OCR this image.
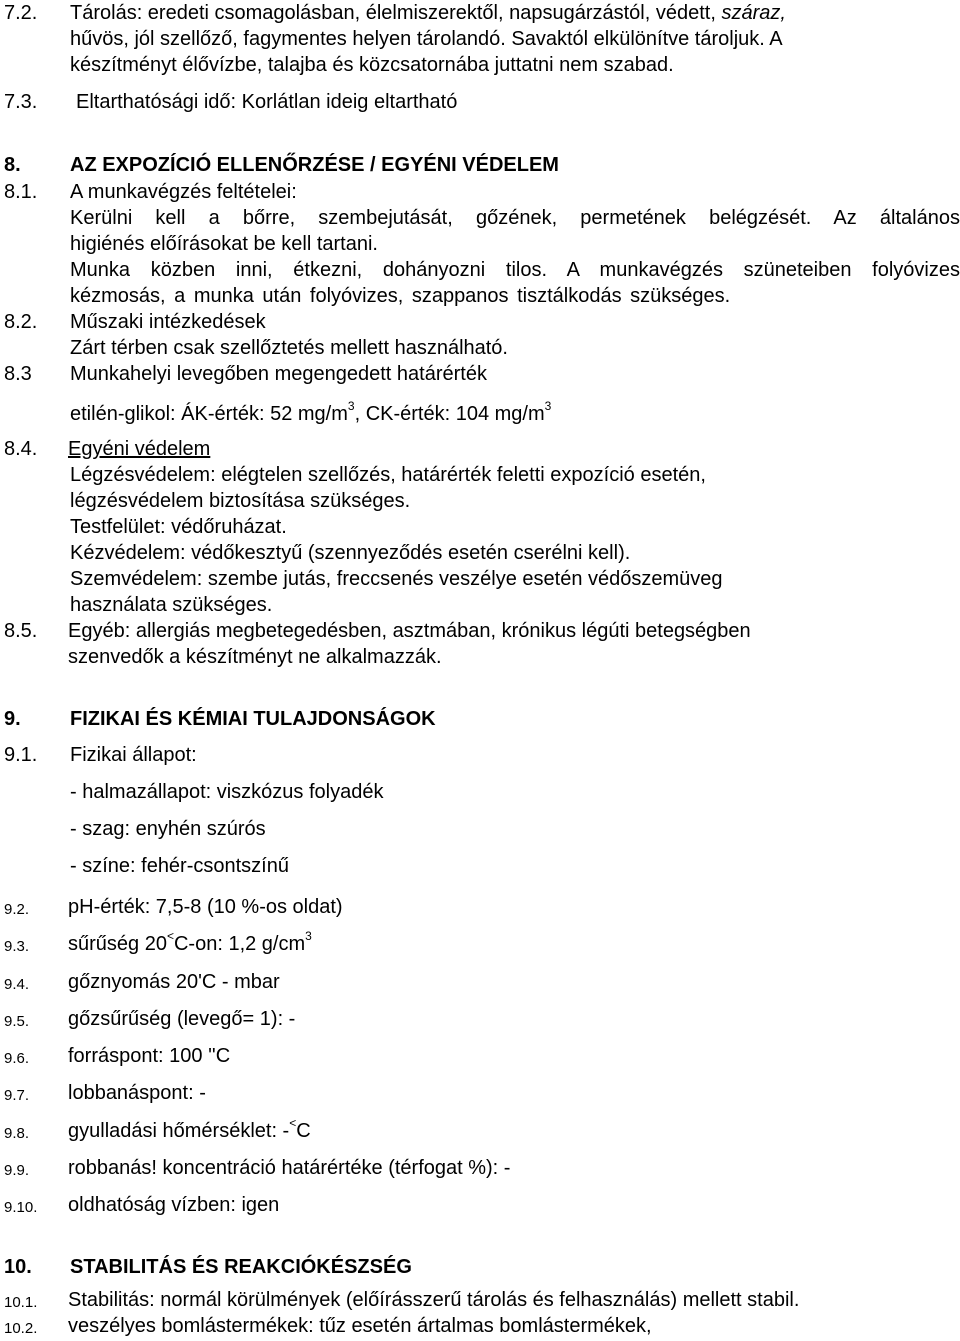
7.2. Tárolás: eredeti csomagolásban, élelmiszerektől, napsugárzástól, védett, száraz,
hűvös, jól szellőző, fagymentes helyen tárolandó. Savaktól elkülönítve tároljuk. A
készítményt élővízbe, talajba és közcsatornába juttatni nem szabad.
7.3. Eltarthatósági idő: Korlátlan ideig eltartható
8. AZ EXPOZÍCIÓ ELLENŐRZÉSE / EGYÉNI VÉDELEM
8.1. A munkavégzés feltételei:
Kerülni kell a bőrre, szembejutását, gőzének, permetének belégzését. Az általános
higiénés előírásokat be kell tartani.
Munka közben inni, étkezni, dohányozni tilos. A munkavégzés szüneteiben folyóvizes
kézmosás, a munka után folyóvizes, szappanos tisztálkodás szükséges.
8.2. Műszaki intézkedések
Zárt térben csak szellőztetés mellett használható.
8.3 Munkahelyi levegőben megengedett határérték
etilén-glikol: ÁK-érték: 52 $mg/m^3$, CK-érték: 104 $mg/m^3$
8.4. Egyéni védelem
Légzésvédelem: elégtelen szellőzés, határérték feletti expozíció esetén,
légzésvédelem biztosítása szükséges.
Testfelület: védőruházat.
Kézvédelem: védőkesztyű (szennyeződés esetén cserélni kell).
Szemvédelem: szembe jutás, freccsenés veszélye esetén védőszemüveg
használata szükséges.
8.5. Egyéb: allergiás megbetegedésben, asztmában, krónikus légúti betegségben
szenvedők a készítményt ne alkalmazzák.
9. FIZIKAI ÉS KÉMIAI TULAJDONSÁGOK
9.1. Fizikai állapot:
- halmazállapot: viszkózus folyadék
- szag: enyhén szúrós
- színe: fehér-csontszínű
9.2. pH-érték: 7,5-8 (10 %-os oldat)
9.3. sűrűség 20<C-on: 1,2 $g/cm^3$
9.4. gőznyomás 20'C - mbar
9.5. gőzsűrűség (levegő= 1): -
9.6. forráspont: 100 ''C
9.7. lobbanáspont: -
9.8. gyulladási hőmérséklet: -<C
9.9. robbanás! koncentráció határértéke (térfogat %): -
9.10. oldhatóság vízben: igen
10. STABILITÁS ÉS REAKCIÓKÉSZSÉG
10.1. Stabilitás: normál körülmények (előírásszerű tárolás és felhasználás) mellett stabil.
10.2. veszélyes bomlástermékek: tűz esetén ártalmas bomlástermékek,
